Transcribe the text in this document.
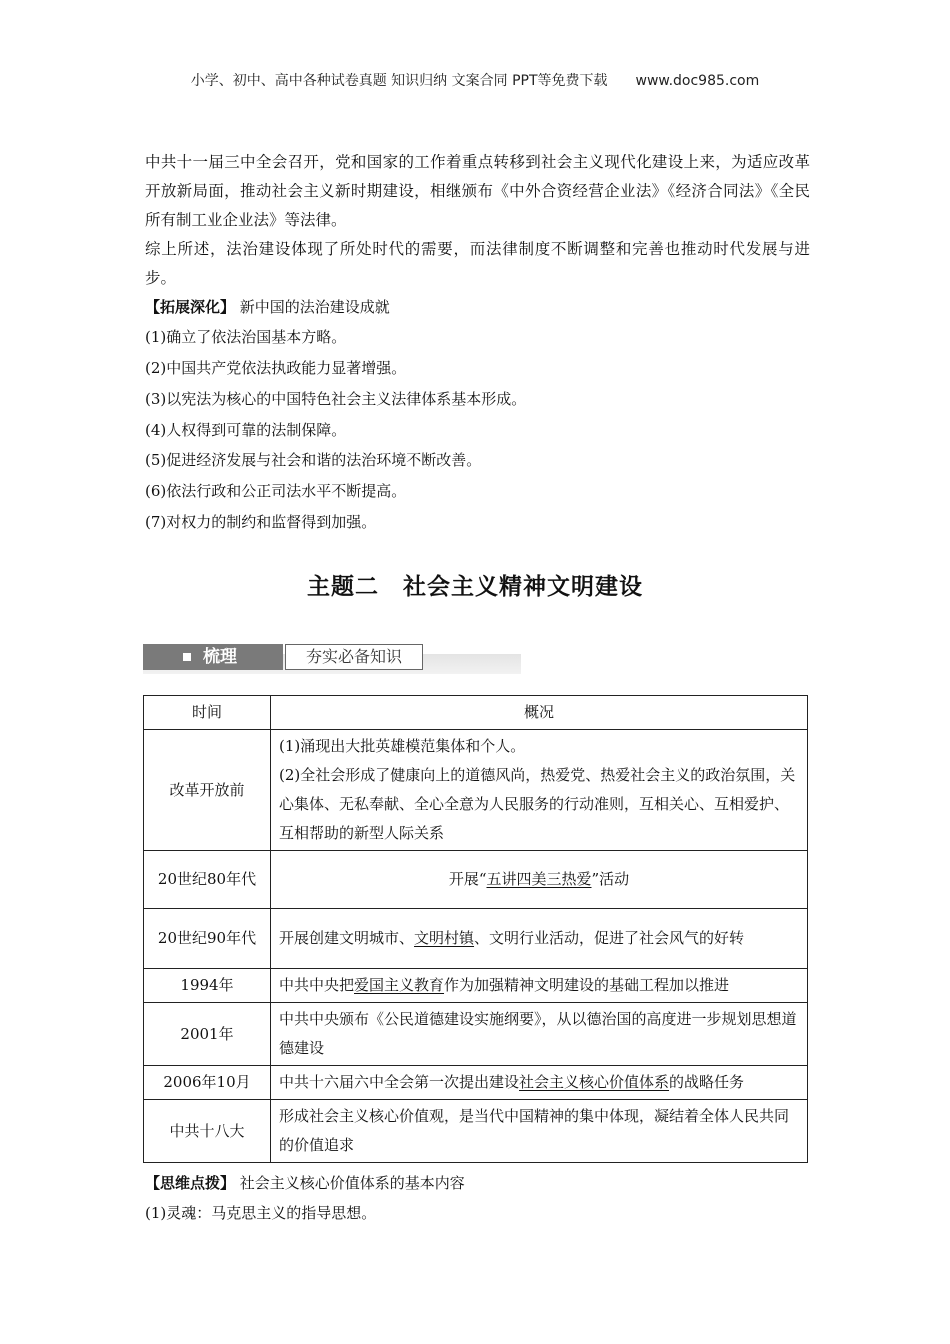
小学、初中、高中各种试卷真题 知识归纳 文案合同 PPT等免费下载 www.doc985.com
中共十一届三中全会召开，党和国家的工作着重点转移到社会主义现代化建设上来，为适应改革开放新局面，推动社会主义新时期建设，相继颁布《中外合资经营企业法》《经济合同法》《全民所有制工业企业法》等法律。
综上所述，法治建设体现了所处时代的需要，而法律制度不断调整和完善也推动时代发展与进步。
【拓展深化】 新中国的法治建设成就
(1)确立了依法治国基本方略。
(2)中国共产党依法执政能力显著增强。
(3)以宪法为核心的中国特色社会主义法律体系基本形成。
(4)人权得到可靠的法制保障。
(5)促进经济发展与社会和谐的法治环境不断改善。
(6)依法行政和公正司法水平不断提高。
(7)对权力的制约和监督得到加强。
主题二　社会主义精神文明建设
梳理	夯实必备知识
时间	概况
改革开放前	(1)涌现出大批英雄模范集体和个人。
(2)全社会形成了健康向上的道德风尚，热爱党、热爱社会主义的政治氛围，关心集体、无私奉献、全心全意为人民服务的行动准则，互相关心、互相爱护、互相帮助的新型人际关系

20世纪80年代	开展“五讲四美三热爱”活动
20世纪90年代	开展创建文明城市、文明村镇、文明行业活动，促进了社会风气的好转
1994年	中共中央把爱国主义教育作为加强精神文明建设的基础工程加以推进
2001年	中共中央颁布《公民道德建设实施纲要》，从以德治国的高度进一步规划思想道德建设
2006年10月	中共十六届六中全会第一次提出建设社会主义核心价值体系的战略任务
中共十八大	形成社会主义核心价值观，是当代中国精神的集中体现，凝结着全体人民共同的价值追求
【思维点拨】 社会主义核心价值体系的基本内容
(1)灵魂：马克思主义的指导思想。
